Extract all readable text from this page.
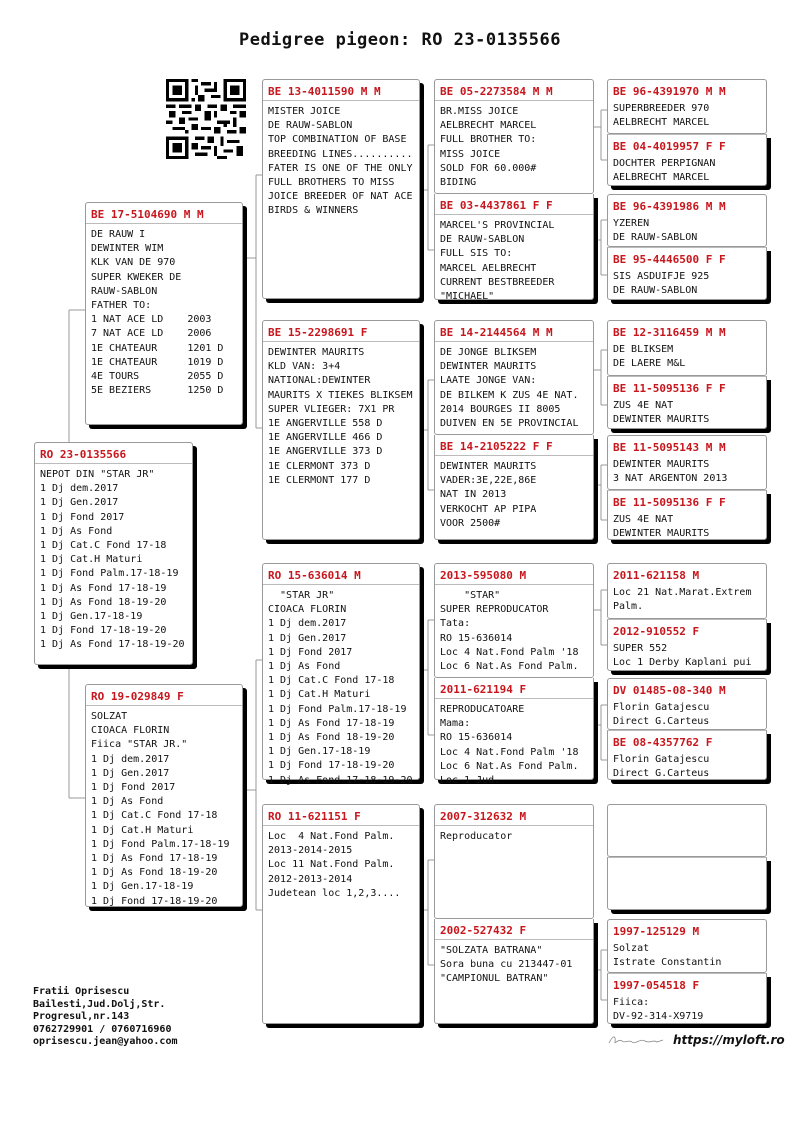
Pedigree pigeon: RO 23-0135566
RO 23-0135566
NEPOT DIN "STAR JR"
1 Dj dem.2017
1 Dj Gen.2017
1 Dj Fond 2017
1 Dj As Fond
1 Dj Cat.C Fond 17-18
1 Dj Cat.H Maturi
1 Dj Fond Palm.17-18-19
1 Dj As Fond 17-18-19
1 Dj As Fond 18-19-20
1 Dj Gen.17-18-19
1 Dj Fond 17-18-19-20
1 Dj As Fond 17-18-19-20
BE 17-5104690 M M
DE RAUW I
DEWINTER WIM
KLK VAN DE 970
SUPER KWEKER DE
RAUW-SABLON
FATHER TO:
1 NAT ACE LD    2003
7 NAT ACE LD    2006
1E CHATEAUR     1201 D
1E CHATEAUR     1019 D
4E TOURS        2055 D
5E BEZIERS      1250 D
RO 19-029849 F
SOLZAT
CIOACA FLORIN
Fiica "STAR JR."
1 Dj dem.2017
1 Dj Gen.2017
1 Dj Fond 2017
1 Dj As Fond
1 Dj Cat.C Fond 17-18
1 Dj Cat.H Maturi
1 Dj Fond Palm.17-18-19
1 Dj As Fond 17-18-19
1 Dj As Fond 18-19-20
1 Dj Gen.17-18-19
1 Dj Fond 17-18-19-20
BE 13-4011590 M M
MISTER JOICE
DE RAUW-SABLON
TOP COMBINATION OF BASE
BREEDING LINES..........
FATER IS ONE OF THE ONLY
FULL BROTHERS TO MISS
JOICE BREEDER OF NAT ACE
BIRDS & WINNERS
BE 15-2298691 F
DEWINTER MAURITS
KLD VAN: 3+4
NATIONAL:DEWINTER
MAURITS X TIEKES BLIKSEM
SUPER VLIEGER: 7X1 PR
1E ANGERVILLE 558 D
1E ANGERVILLE 466 D
1E ANGERVILLE 373 D
1E CLERMONT 373 D
1E CLERMONT 177 D
RO 15-636014 M
"STAR JR"
CIOACA FLORIN
1 Dj dem.2017
1 Dj Gen.2017
1 Dj Fond 2017
1 Dj As Fond
1 Dj Cat.C Fond 17-18
1 Dj Cat.H Maturi
1 Dj Fond Palm.17-18-19
1 Dj As Fond 17-18-19
1 Dj As Fond 18-19-20
1 Dj Gen.17-18-19
1 Dj Fond 17-18-19-20
1 Dj As Fond 17-18-19-20
RO 11-621151 F
Loc  4 Nat.Fond Palm.
2013-2014-2015
Loc 11 Nat.Fond Palm.
2012-2013-2014
Judetean loc 1,2,3....
BE 05-2273584 M M
BR.MISS JOICE
AELBRECHT MARCEL
FULL BROTHER TO:
MISS JOICE
SOLD FOR 60.000#
BIDING
BE 03-4437861 F F
MARCEL'S PROVINCIAL
DE RAUW-SABLON
FULL SIS TO:
MARCEL AELBRECHT
CURRENT BESTBREEDER
"MICHAEL"
BE 14-2144564 M M
DE JONGE BLIKSEM
DEWINTER MAURITS
LAATE JONGE VAN:
DE BILKEM K ZUS 4E NAT.
2014 BOURGES II 8005
DUIVEN EN 5E PROVINCIAL
BE 14-2105222 F F
DEWINTER MAURITS
VADER:3E,22E,86E
NAT IN 2013
VERKOCHT AP PIPA
VOOR 2500#
2013-595080 M
"STAR"
SUPER REPRODUCATOR
Tata:
RO 15-636014
Loc 4 Nat.Fond Palm '18
Loc 6 Nat.As Fond Palm.
2011-621194 F
REPRODUCATOARE
Mama:
RO 15-636014
Loc 4 Nat.Fond Palm '18
Loc 6 Nat.As Fond Palm.
Loc 1 Jud.
2007-312632 M
Reproducator
2002-527432 F
"SOLZATA BATRANA"
Sora buna cu 213447-01
"CAMPIONUL BATRAN"
BE 96-4391970 M M
SUPERBREEDER 970
AELBRECHT MARCEL
BE 04-4019957 F F
DOCHTER PERPIGNAN
AELBRECHT MARCEL
BE 96-4391986 M M
YZEREN
DE RAUW-SABLON
BE 95-4446500 F F
SIS ASDUIFJE 925
DE RAUW-SABLON
BE 12-3116459 M M
DE BLIKSEM
DE LAERE M&L
BE 11-5095136 F F
ZUS 4E NAT
DEWINTER MAURITS
BE 11-5095143 M M
DEWINTER MAURITS
3 NAT ARGENTON 2013
BE 11-5095136 F F
ZUS 4E NAT
DEWINTER MAURITS
2011-621158 M
Loc 21 Nat.Marat.Extrem
Palm.
2012-910552 F
SUPER 552
Loc 1 Derby Kaplani pui
DV 01485-08-340 M
Florin Gatajescu
Direct G.Carteus
BE 08-4357762 F
Florin Gatajescu
Direct G.Carteus
1997-125129 M
Solzat
Istrate Constantin
1997-054518 F
Fiica:
DV-92-314-X9719
Fratii Oprisescu
Bailesti,Jud.Dolj,Str.
Progresul,nr.143
0762729901 / 0760716960
oprisescu.jean@yahoo.com	https://myloft.ro
